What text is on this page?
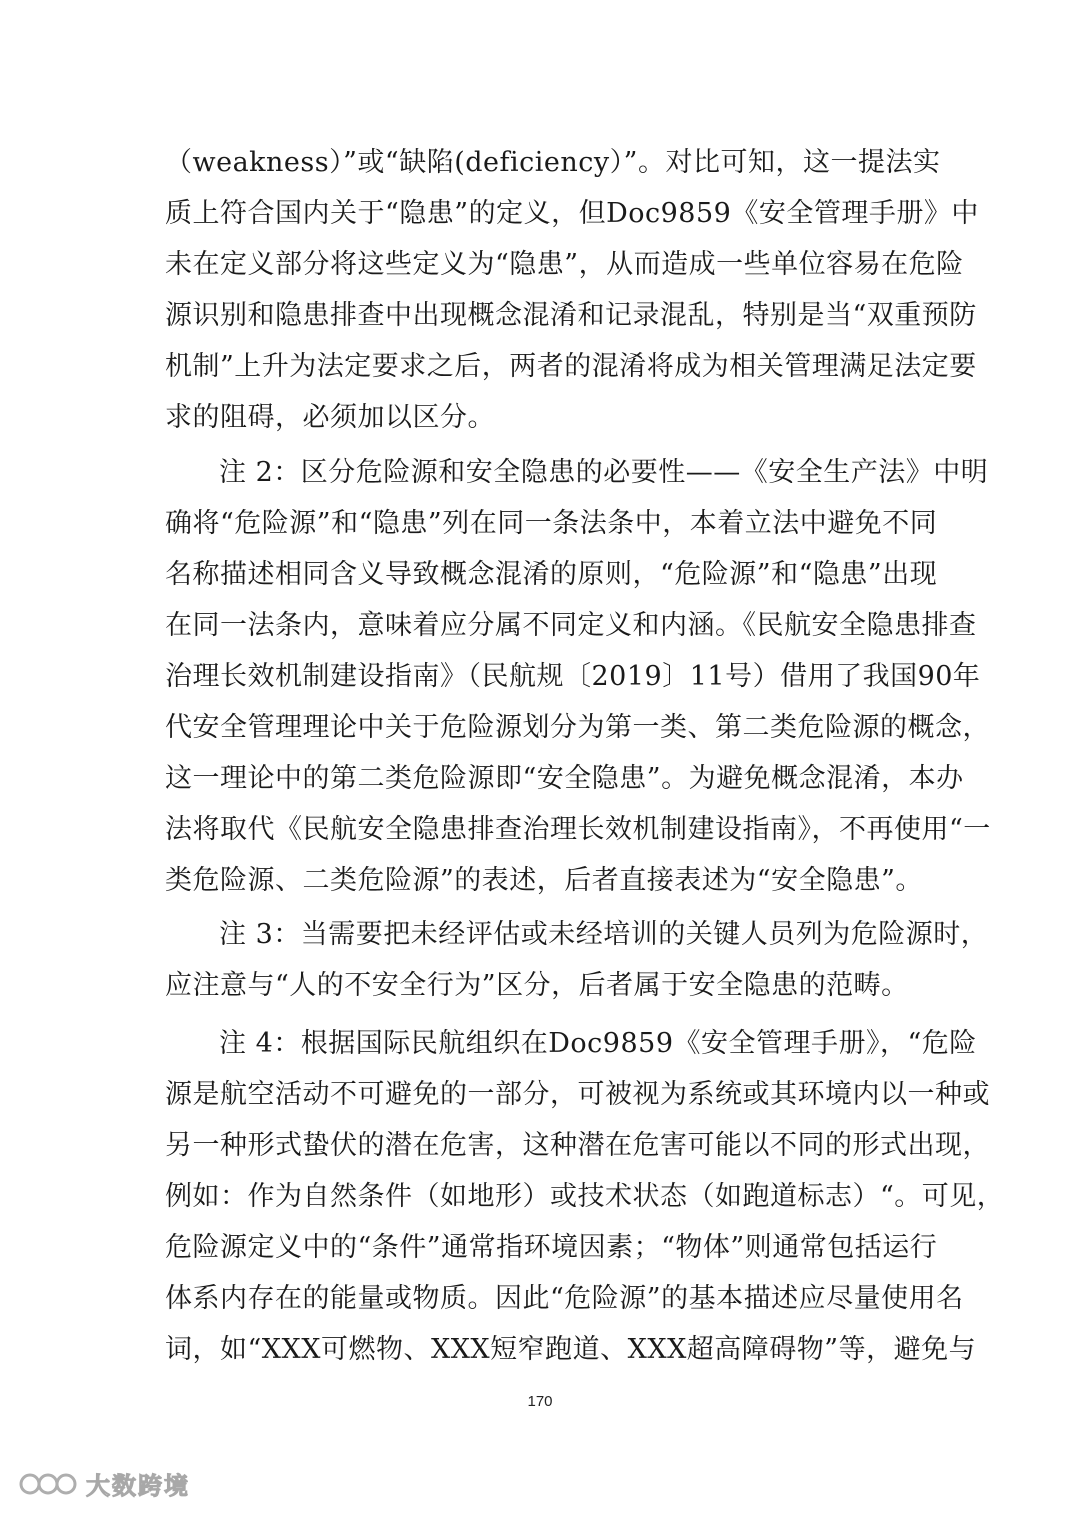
（weakness）”或“缺陷(deficiency）”。对比可知，这一提法实
质上符合国内关于“隐患”的定义，但Doc9859《安全管理手册》中
未在定义部分将这些定义为“隐患”，从而造成一些单位容易在危险
源识别和隐患排查中出现概念混淆和记录混乱，特别是当“双重预防
机制”上升为法定要求之后，两者的混淆将成为相关管理满足法定要
求的阻碍，必须加以区分。
注 2：区分危险源和安全隐患的必要性——《安全生产法》中明
确将“危险源”和“隐患”列在同一条法条中，本着立法中避免不同
名称描述相同含义导致概念混淆的原则，“危险源”和“隐患”出现
在同一法条内，意味着应分属不同定义和内涵。《民航安全隐患排查
治理长效机制建设指南》（民航规〔2019〕11号）借用了我国90年
代安全管理理论中关于危险源划分为第一类、第二类危险源的概念，
这一理论中的第二类危险源即“安全隐患”。为避免概念混淆，本办
法将取代《民航安全隐患排查治理长效机制建设指南》，不再使用“一
类危险源、二类危险源”的表述，后者直接表述为“安全隐患”。
注 3：当需要把未经评估或未经培训的关键人员列为危险源时，
应注意与“人的不安全行为”区分，后者属于安全隐患的范畴。
注 4：根据国际民航组织在Doc9859《安全管理手册》，“危险
源是航空活动不可避免的一部分，可被视为系统或其环境内以一种或
另一种形式蛰伏的潜在危害，这种潜在危害可能以不同的形式出现，
例如：作为自然条件（如地形）或技术状态（如跑道标志）“。可见，
危险源定义中的“条件”通常指环境因素；“物体”则通常包括运行
体系内存在的能量或物质。因此“危险源”的基本描述应尽量使用名
词，如“XXX可燃物、XXX短窄跑道、XXX超高障碍物”等，避免与
170
大数跨境
